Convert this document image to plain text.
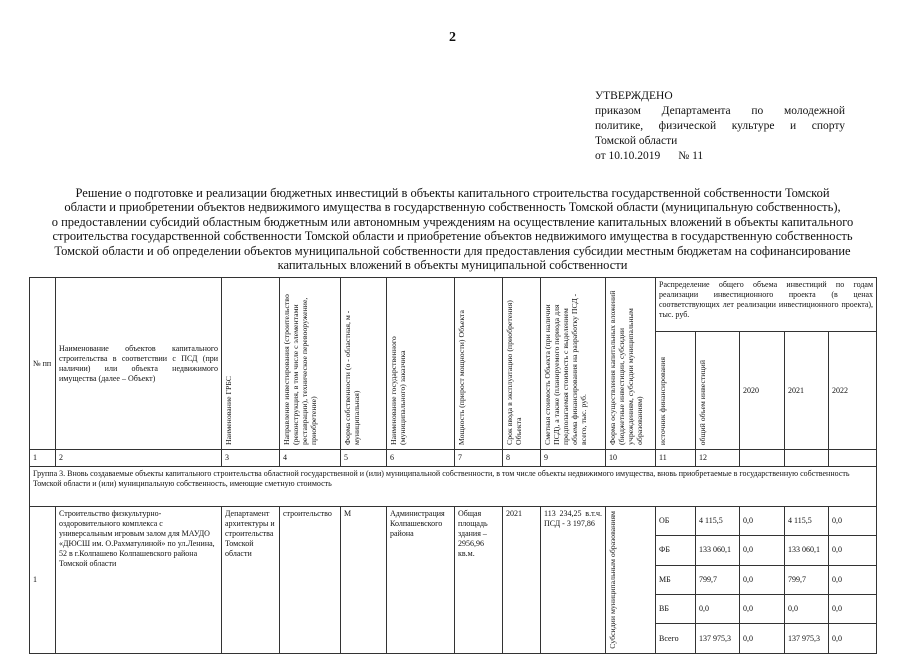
2
УТВЕРЖДЕНО
приказом Департамента по молодежной
политике, физической культуре и спорту
Томской области
от 10.10.2019 № 11
Решение о подготовке и реализации бюджетных инвестиций в объекты капитального строительства государственной собственности Томской
области и приобретении объектов недвижимого имущества в государственную собственность Томской области (муниципальную собственность),
о предоставлении субсидий областным бюджетным или автономным учреждениям на осуществление капитальных вложений в объекты капитального
строительства государственной собственности Томской области и приобретение объектов недвижимого имущества в государственную собственность
Томской области и об определении объектов муниципальной собственности для предоставления субсидии местным бюджетам на софинансирование
капитальных вложений в объекты муниципальной собственности
№ пп	Наименование объектов капитального строительства в соответствии с ПСД (при наличии) или объекта недвижимого имущества (далее – Объект)	Наименование ГРБС	Направление инвестирования (строительство (реконструкция, в том числе с элементами реставрации), техническое перевооружение, приобретение)	Форма собственности (о - областная, м - муниципальная)	Наименование государственного (муниципального) заказчика	Мощность (прирост мощности) Объекта	Срок ввода в эксплуатацию (приобретения) Объекта	Сметная стоимость Объекта (при наличии ПСД), а также (планируемого периода для предполагаемая стоимость с выделением объема финансирования на разработку ПСД - всего, тыс. руб.	Форма осуществления капитальных вложений (бюджетные инвестиции, субсидии учреждениям, субсидии муниципальным образованиям)	Распределение общего объема инвестиций по годам реализации инвестиционного проекта (в ценах соответствующих лет реализации инвестиционного проекта), тыс. руб.				

										источник финансирования	общий объем инвестиций	2020	2021	2022
1	2	3	4	5	6	7	8	9	10	11	12			
Группа 3. Вновь создаваемые объекты капитального строительства областной государственной и (или) муниципальной собственности, в том числе объекты недвижимого имущества, вновь приобретаемые в государственную собственность Томской области и (или) муниципальную собственность, имеющие сметную стоимость														
1	Строительство физкультурно-оздоровительного комплекса с универсальным игровым залом для МАУДО «ДЮСШ им. О.Рахматулиной» по ул.Ленина, 52 в г.Колпашево Колпашевского района Томской области	Департамент архитектуры и строительства Томской области	строительство	М	Администрация Колпашевского района	Общая площадь здания – 2956,96 кв.м.	2021	113 234,25 в.т.ч. ПСД - 3 197,86	Субсидии муниципальным образованиям	ОБ	4 115,5	0,0	4 115,5	0,0
										ФБ	133 060,1	0,0	133 060,1	0,0
										МБ	799,7	0,0	799,7	0,0
										ВБ	0,0	0,0	0,0	0,0
										Всего	137 975,3	0,0	137 975,3	0,0
